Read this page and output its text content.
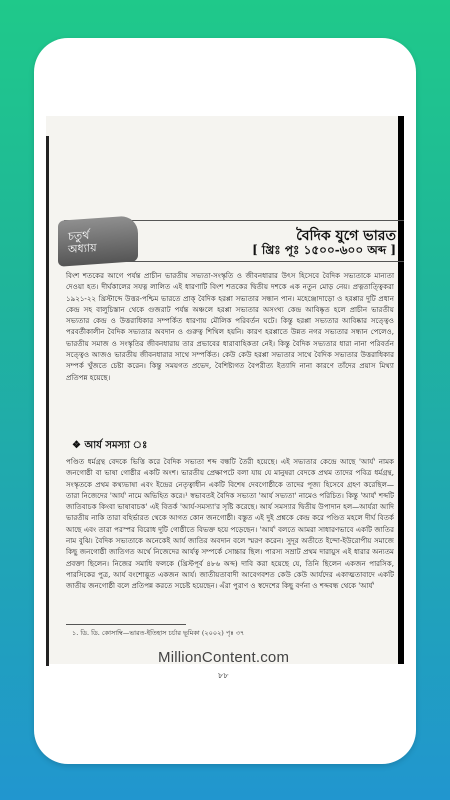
চতুর্থ
অধ্যায়
বৈদিক যুগে ভারত
[ খ্রিঃ পূঃ ১৫০০-৬০০ অব্দ ]
বিংশ শতকের আগে পর্যন্ত প্রাচীন ভারতীয় সভ্যতা-সংস্কৃতি ও জীবনধারার উৎস হিসেবে বৈদিক সভ্যতাকে মান্যতা দেওয়া হত। দীর্ঘকালের সযত্ন লালিত এই ধারণাটি বিংশ শতকের দ্বিতীয় দশকে এক নতুন মোড় নেয়। প্রত্নতাত্ত্বিকরা ১৯২১-২২ খ্রিস্টাব্দে উত্তর-পশ্চিম ভারতে প্রাক্ বৈদিক হরপ্পা সভ্যতার সন্ধান পান। মহেঞ্জোদাড়ো ও হরপ্পার দুটি প্রধান কেন্দ্র সহ বালুচিস্তান থেকে গুজরাট পর্যন্ত অঞ্চলে হরপ্পা সভ্যতার অসংখ্য কেন্দ্র আবিষ্কৃত হলে প্রাচীন ভারতীয় সভ্যতার কেন্দ্র ও উত্তরাধিকার সম্পর্কিত ধারণায় মৌলিক পরিবর্তন ঘটে। কিন্তু হরপ্পা সভ্যতার আবিষ্কার সত্ত্বেও পরবর্তীকালীন বৈদিক সভ্যতার অবদান ও গুরুত্ব শিথিল হয়নি। কারণ হরপ্পাতে উন্নত নগর সভ্যতার সন্ধান পেলেও, ভারতীয় সমাজ ও সংস্কৃতির জীবনধারায় তার প্রভাবের ধারাবাহিকতা নেই। কিন্তু বৈদিক সভ্যতার ধারা নানা পরিবর্তন সত্ত্বেও আজও ভারতীয় জীবনধারার সাথে সম্পর্কিত। কেউ কেউ হরপ্পা সভ্যতার সাথে বৈদিক সভ্যতার উত্তরাধিকার সম্পর্ক খুঁজতে চেষ্টা করেন। কিন্তু সময়গত প্রভেদ, বৈশিষ্ট্যগত বৈপরীত্য ইত্যাদি নানা কারণে তাঁদের প্রয়াস মিথ্যা প্রতিপন্ন হয়েছে।
❖ আর্য সমস্যা ঃ
পণ্ডিত ধর্মগ্রন্থ বেদকে ভিত্তি করে বৈদিক সভ্যতা শব্দ বন্ধটি তৈরী হয়েছে। এই সভ্যতার কেন্দ্রে আছে 'আর্য' নামক জনগোষ্ঠী বা ভাষা গোষ্ঠীর একটি অংশ। ভারতীয় প্রেক্ষাপটে বলা যায় যে মানুষরা বেদকে প্রথম তাদের পবিত্র ধর্মগ্রন্থ, সংস্কৃতকে প্রথম কথ্যভাষা এবং ইন্দ্রের নেতৃত্বাধীন একটি বিশেষ দেবগোষ্ঠীকে তাদের পূজ্য হিসেবে গ্রহণ করেছিল—তারা নিজেদের 'আর্য' নামে অভিহিত করে।¹ স্বভাবতই বৈদিক সভ্যতা 'আর্য সভ্যতা' নামেও পরিচিত। কিন্তু 'আর্য' শব্দটি জাতিবাচক কিংবা ভাষাবাচক' এই বিতর্ক 'আর্য-সমস্যা'র সৃষ্টি করেছে। আর্য সমস্যার দ্বিতীয় উপাদান হল—আর্যরা আদি ভারতীয় নাকি তারা বহির্ভারত থেকে আগত কোন জনগোষ্ঠী। বস্তুত এই দুই প্রশ্নকে কেন্দ্র করে পণ্ডিত মহলে দীর্ঘ বিতর্ক আছে এবং তারা পরস্পর বিরোধ দুটি গোষ্ঠীতে বিভক্ত হয়ে পড়েছেন। 'আর্য' বলতে আমরা সাধারণভাবে একটি জাতির নাম বুঝি। বৈদিক সভ্যতাকে অনেকেই আর্য জাতির অবদান বলে স্মরণ করেন। সুদূর অতীতে ইন্দো-ইউরোপীয় সমাজে কিছু জনগোষ্ঠী জাতিগত অর্থে নিজেদের আর্যত্ব সম্পর্কে সোচ্চার ছিল। পারস্য সম্রাট প্রথম দারায়ুস এই ধারার অন্যতম প্রবক্তা ছিলেন। নিজের সমাধি ফলকে (খ্রিস্টপূর্ব ৪৮৬ অব্দ) দাবি করা হয়েছে যে, তিনি ছিলেন একজন পারসিক, পারসিকের পুত্র, আর্য বংশোদ্ভূত একজন আর্য। জাতীয়তাবাদী আবেগবশত কেউ কেউ আর্যদের একাত্মতাবাদে একটি জাতীয় জনগোষ্ঠী বলে প্রতিপন্ন করতে সচেষ্ট হয়েছেন। এঁরা পুরাণ ও স্বদেশের কিছু বর্ণনা ও শব্দবন্ধ থেকে 'আর্য'
১. ডি. ডি. কোসাম্বি—ভারত-ইতিহাস চর্চার ভূমিকা (২০০২) পৃঃ ৩৭
MillionContent.com
৮৮
